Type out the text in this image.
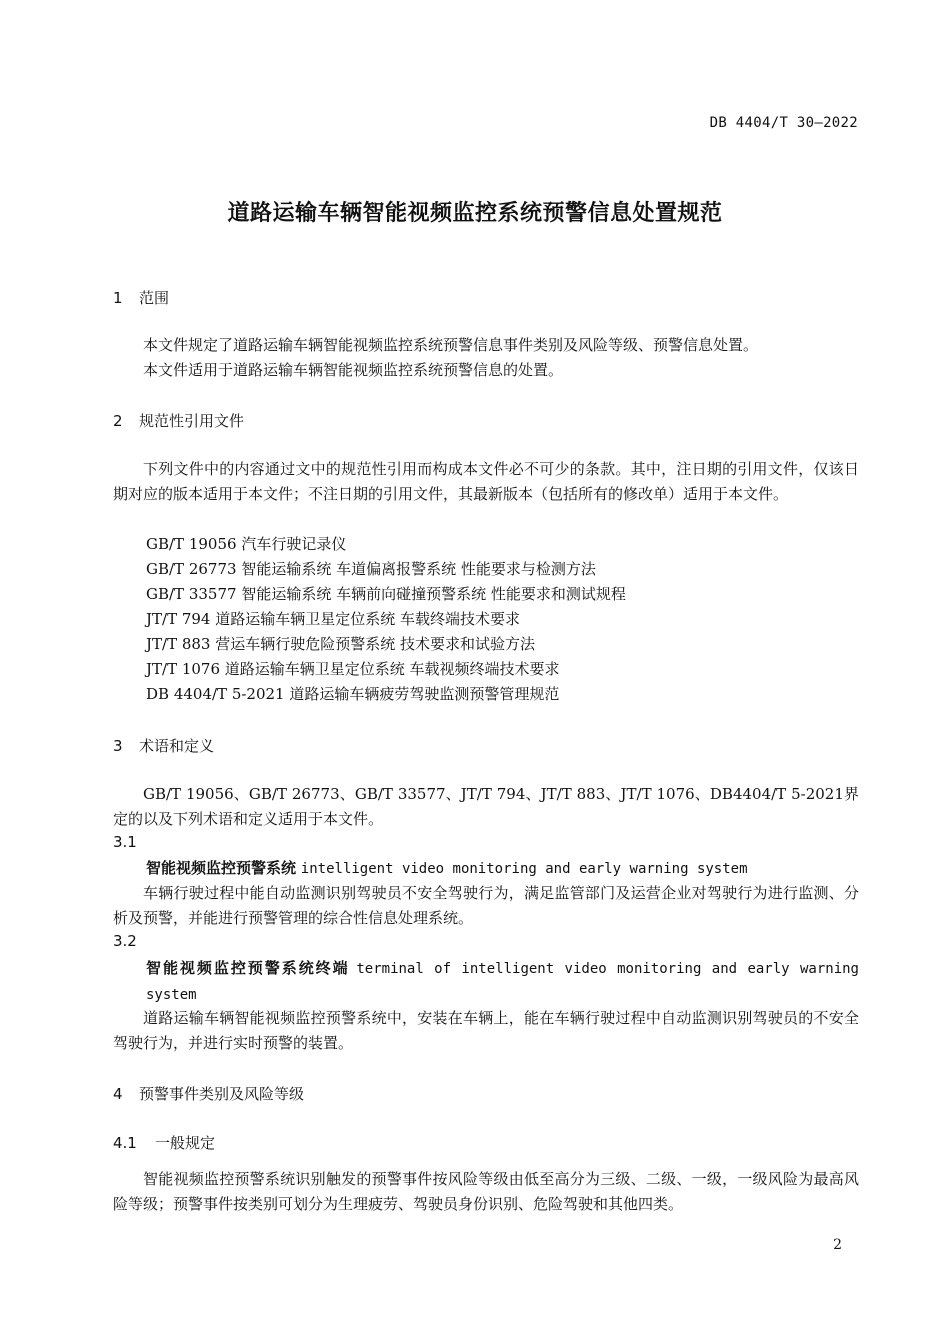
DB 4404/T 30—2022
道路运输车辆智能视频监控系统预警信息处置规范
1 范围
本文件规定了道路运输车辆智能视频监控系统预警信息事件类别及风险等级、预警信息处置。
本文件适用于道路运输车辆智能视频监控系统预警信息的处置。
2 规范性引用文件
下列文件中的内容通过文中的规范性引用而构成本文件必不可少的条款。其中，注日期的引用文件，仅该日期对应的版本适用于本文件；不注日期的引用文件，其最新版本（包括所有的修改单）适用于本文件。
GB/T 19056 汽车行驶记录仪
GB/T 26773 智能运输系统 车道偏离报警系统 性能要求与检测方法
GB/T 33577 智能运输系统 车辆前向碰撞预警系统 性能要求和测试规程
JT/T 794 道路运输车辆卫星定位系统 车载终端技术要求
JT/T 883 营运车辆行驶危险预警系统 技术要求和试验方法
JT/T 1076 道路运输车辆卫星定位系统 车载视频终端技术要求
DB 4404/T 5-2021 道路运输车辆疲劳驾驶监测预警管理规范
3 术语和定义
GB/T 19056、GB/T 26773、GB/T 33577、JT/T 794、JT/T 883、JT/T 1076、DB4404/T 5-2021界定的以及下列术语和定义适用于本文件。
3.1
智能视频监控预警系统 intelligent video monitoring and early warning system
车辆行驶过程中能自动监测识别驾驶员不安全驾驶行为，满足监管部门及运营企业对驾驶行为进行监测、分析及预警，并能进行预警管理的综合性信息处理系统。
3.2
智能视频监控预警系统终端 terminal of intelligent video monitoring and early warning system
道路运输车辆智能视频监控预警系统中，安装在车辆上，能在车辆行驶过程中自动监测识别驾驶员的不安全驾驶行为，并进行实时预警的装置。
4 预警事件类别及风险等级
4.1 一般规定
智能视频监控预警系统识别触发的预警事件按风险等级由低至高分为三级、二级、一级，一级风险为最高风险等级；预警事件按类别可划分为生理疲劳、驾驶员身份识别、危险驾驶和其他四类。
2
